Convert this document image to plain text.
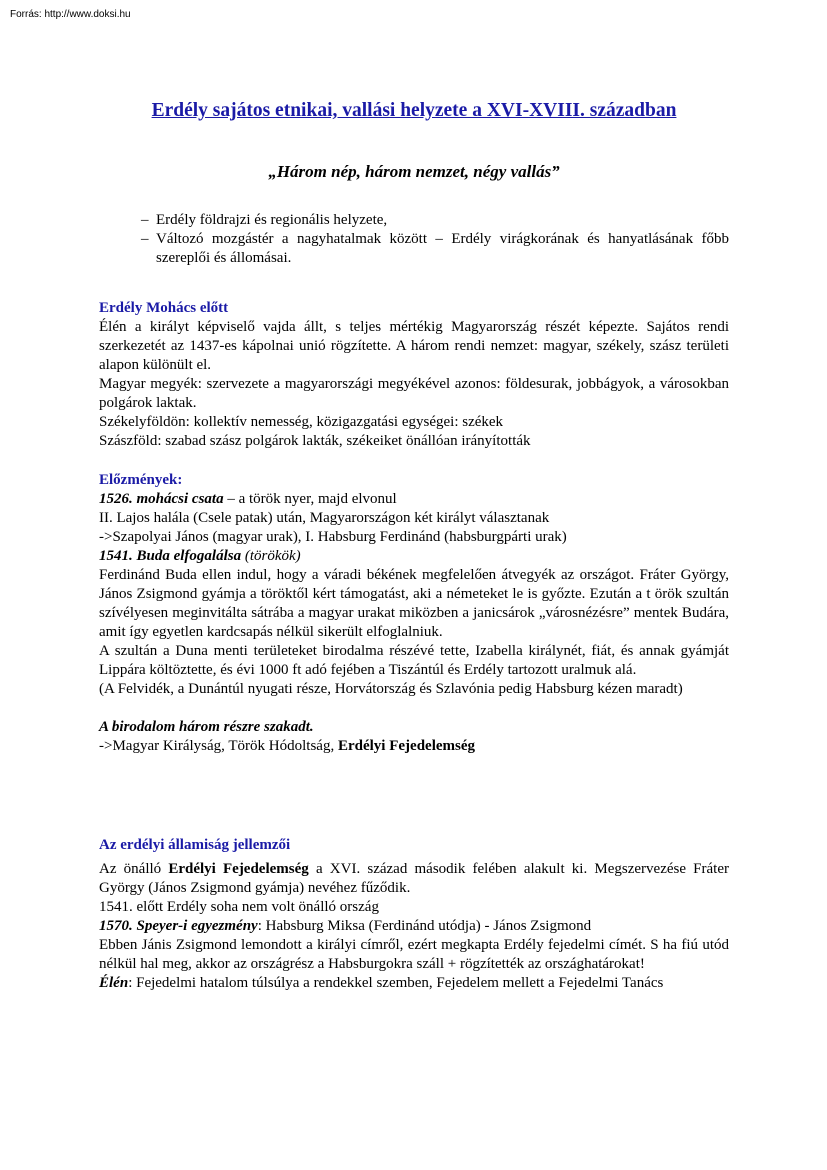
Forrás: http://www.doksi.hu
Erdély sajátos etnikai, vallási helyzete a XVI-XVIII. században
„Három nép, három nemzet, négy vallás”
– Erdély földrajzi és regionális helyzete,
– Változó mozgástér a nagyhatalmak között – Erdély virágkorának és hanyatlásának főbb szereplői és állomásai.

Erdély Mohács előtt

Élén a királyt képviselő vajda állt, s teljes mértékig Magyarország részét képezte. Sajátos rendi szerkezetét az 1437-es kápolnai unió rögzítette. A három rendi nemzet: magyar, székely, szász területi alapon különült el.

Magyar megyék: szervezete a magyarországi megyékével azonos: földesurak, jobbágyok, a városokban polgárok laktak.

Székelyföldön: kollektív nemesség, közigazgatási egységei: székek

Szászföld: szabad szász polgárok lakták, székeiket önállóan irányították

Előzmények:

1526. mohácsi csata – a török nyer, majd elvonul

II. Lajos halála (Csele patak) után, Magyarországon két királyt választanak

->Szapolyai János (magyar urak), I. Habsburg Ferdinánd (habsburgpárti urak)

1541. Buda elfogalálsa (törökök)

Ferdinánd Buda ellen indul, hogy a váradi békének megfelelően átvegyék az országot. Fráter György, János Zsigmond gyámja a töröktől kért támogatást, aki a németeket le is győzte. Ezután a t örök szultán szívélyesen meginvitálta sátrába a magyar urakat miközben a janicsárok „városnézésre” mentek Budára, amit így egyetlen kardcsapás nélkül sikerült elfoglalniuk.

A szultán a Duna menti területeket birodalma részévé tette, Izabella királynét, fiát, és annak gyámját Lippára költöztette, és évi 1000 ft adó fejében a Tiszántúl és Erdély tartozott uralmuk alá.

(A Felvidék, a Dunántúl nyugati része, Horvátország és Szlavónia pedig Habsburg kézen maradt)

A birodalom három részre szakadt.

->Magyar Királyság, Török Hódoltság, Erdélyi Fejedelemség

Az erdélyi államiság jellemzői

Az önálló Erdélyi Fejedelemség a XVI. század második felében alakult ki. Megszervezése Fráter György (János Zsigmond gyámja) nevéhez fűződik.

1541. előtt Erdély soha nem volt önálló ország

1570. Speyer-i egyezmény: Habsburg Miksa (Ferdinánd utódja) - János Zsigmond

Ebben Jánis Zsigmond lemondott a királyi címről, ezért megkapta Erdély fejedelmi címét. S ha fiú utód nélkül hal meg, akkor az országrész a Habsburgokra száll + rögzítették az országhatárokat!

Élén: Fejedelmi hatalom túlsúlya a rendekkel szemben, Fejedelem mellett a Fejedelmi Tanács
